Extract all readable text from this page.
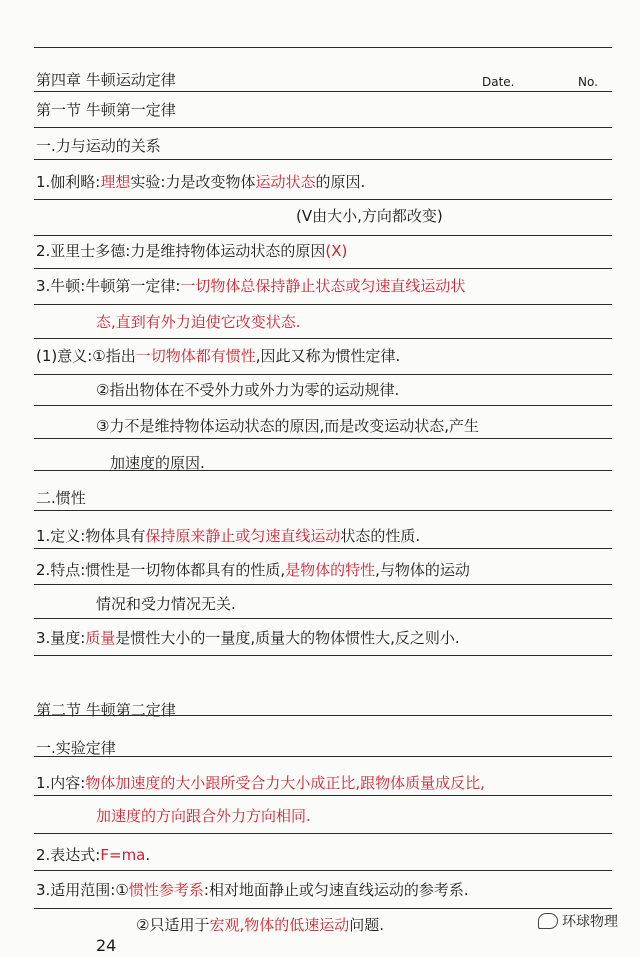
第四章 牛顿运动定律	Date.	No.
第一节 牛顿第一定律
一.力与运动的关系
1.伽利略:理想实验:力是改变物体运动状态的原因.
(V由大小,方向都改变)
2.亚里士多德:力是维持物体运动状态的原因(X)
3.牛顿:牛顿第一定律:一切物体总保持静止状态或匀速直线运动状
态,直到有外力迫使它改变状态.
(1)意义:①指出一切物体都有惯性,因此又称为惯性定律.
②指出物体在不受外力或外力为零的运动规律.
③力不是维持物体运动状态的原因,而是改变运动状态,产生
加速度的原因.
二.惯性
1.定义:物体具有保持原来静止或匀速直线运动状态的性质.
2.特点:惯性是一切物体都具有的性质,是物体的特性,与物体的运动
情况和受力情况无关.
3.量度:质量是惯性大小的一量度,质量大的物体惯性大,反之则小.
第二节 牛顿第二定律
一.实验定律
1.内容:物体加速度的大小跟所受合力大小成正比,跟物体质量成反比,
加速度的方向跟合外力方向相同.
2.表达式:F=ma.
3.适用范围:①惯性参考系:相对地面静止或匀速直线运动的参考系.
②只适用于宏观,物体的低速运动问题.
24
环球物理
